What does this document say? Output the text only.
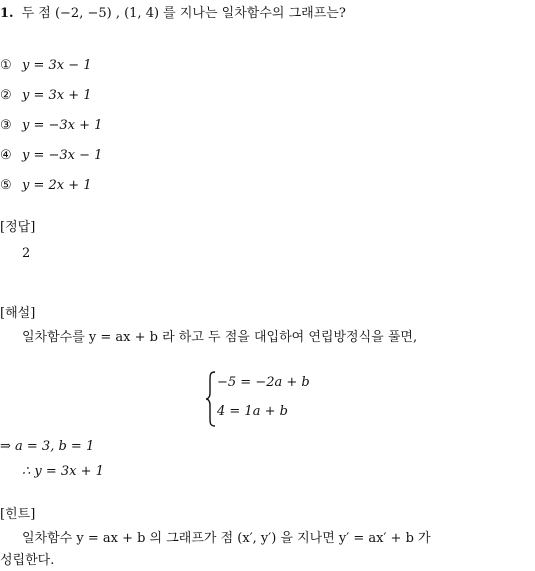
1. 두 점 (−2, −5) , (1, 4) 를 지나는 일차함수의 그래프는?
① y = 3x − 1
② y = 3x + 1
③ y = −3x + 1
④ y = −3x − 1
⑤ y = 2x + 1
[정답]
2
[해설]
일차함수를 y = ax + b 라 하고 두 점을 대입하여 연립방정식을 풀면,
−5 = −2a + b
4 = 1a + b
⇒ a = 3, b = 1
∴ y = 3x + 1
[힌트]
일차함수 y = ax + b 의 그래프가 점 (x′, y′) 을 지나면 y′ = ax′ + b 가
성립한다.
